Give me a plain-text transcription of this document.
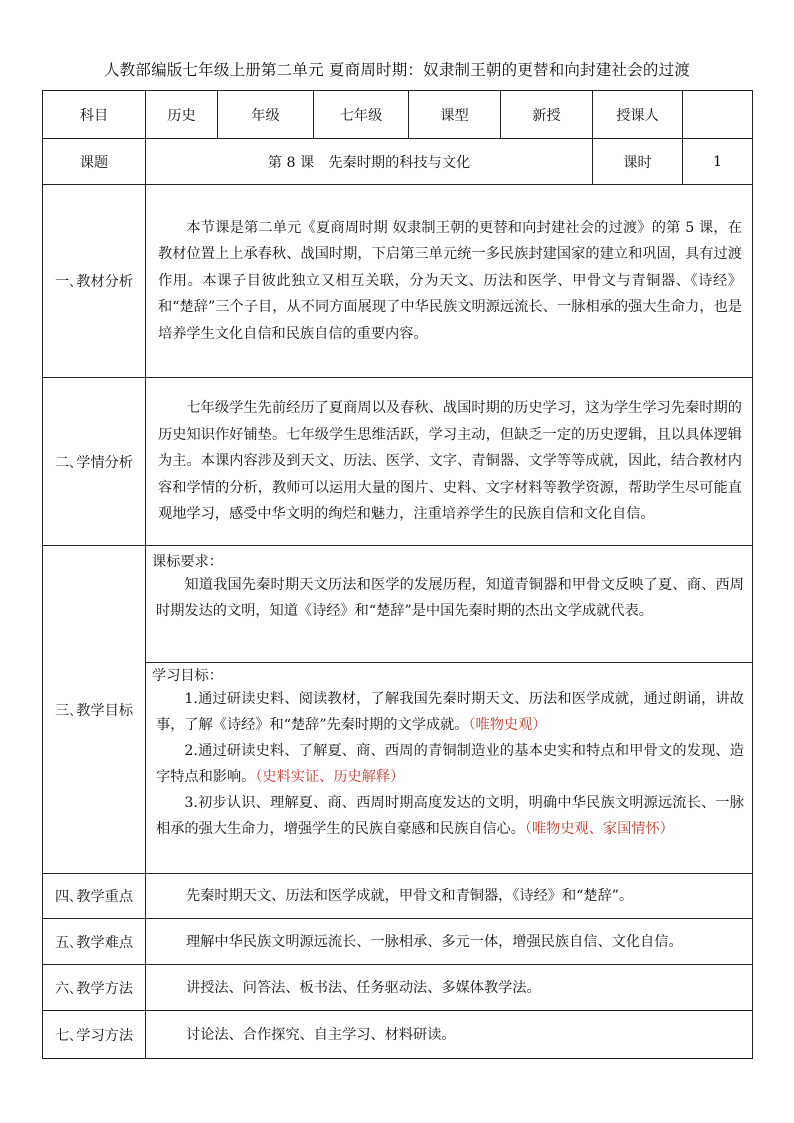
人教部编版七年级上册第二单元 夏商周时期：奴隶制王朝的更替和向封建社会的过渡
科目	历史	年级	七年级	课型	新授	授课人	
课题	第 8 课　先秦时期的科技与文化					课时	1
一､教材分析	本节课是第二单元《夏商周时期 奴隶制王朝的更替和向封建社会的过渡》的第 5 课，在教材位置上上承春秋、战国时期，下启第三单元统一多民族封建国家的建立和巩固，具有过渡作用。本课子目彼此独立又相互关联，分为天文、历法和医学、甲骨文与青铜器、《诗经》和“楚辞”三个子目，从不同方面展现了中华民族文明源远流长、一脉相承的强大生命力，也是培养学生文化自信和民族自信的重要内容。						

二､学情分析	七年级学生先前经历了夏商周以及春秋、战国时期的历史学习，这为学生学习先秦时期的历史知识作好铺垫。七年级学生思维活跃，学习主动，但缺乏一定的历史逻辑，且以具体逻辑为主。本课内容涉及到天文、历法、医学、文字、青铜器、文学等等成就，因此，结合教材内容和学情的分析，教师可以运用大量的图片、史料、文字材料等教学资源，帮助学生尽可能直观地学习，感受中华文明的绚烂和魅力，注重培养学生的民族自信和文化自信。						

三､教学目标	课标要求：
知道我国先秦时期天文历法和医学的发展历程，知道青铜器和甲骨文反映了夏、商、西周时期发达的文明，知道《诗经》和“楚辞”是中国先秦时期的杰出文学成就代表。						

	学习目标：
1.通过研读史料、阅读教材，了解我国先秦时期天文、历法和医学成就，通过朗诵，讲故事，了解《诗经》和“楚辞”先秦时期的文学成就。（唯物史观）
2.通过研读史料、了解夏、商、西周的青铜制造业的基本史实和特点和甲骨文的发现、造字特点和影响。（史料实证、历史解释）
3.初步认识、理解夏、商、西周时期高度发达的文明，明确中华民族文明源远流长、一脉相承的强大生命力，增强学生的民族自豪感和民族自信心。（唯物史观、家国情怀）						

四､教学重点	先秦时期天文、历法和医学成就，甲骨文和青铜器，《诗经》和“楚辞”。						

五､教学难点	理解中华民族文明源远流长、一脉相承、多元一体，增强民族自信、文化自信。						

六､教学方法	讲授法、问答法、板书法、任务驱动法、多媒体教学法。						

七､学习方法	讨论法、合作探究、自主学习、材料研读。						
